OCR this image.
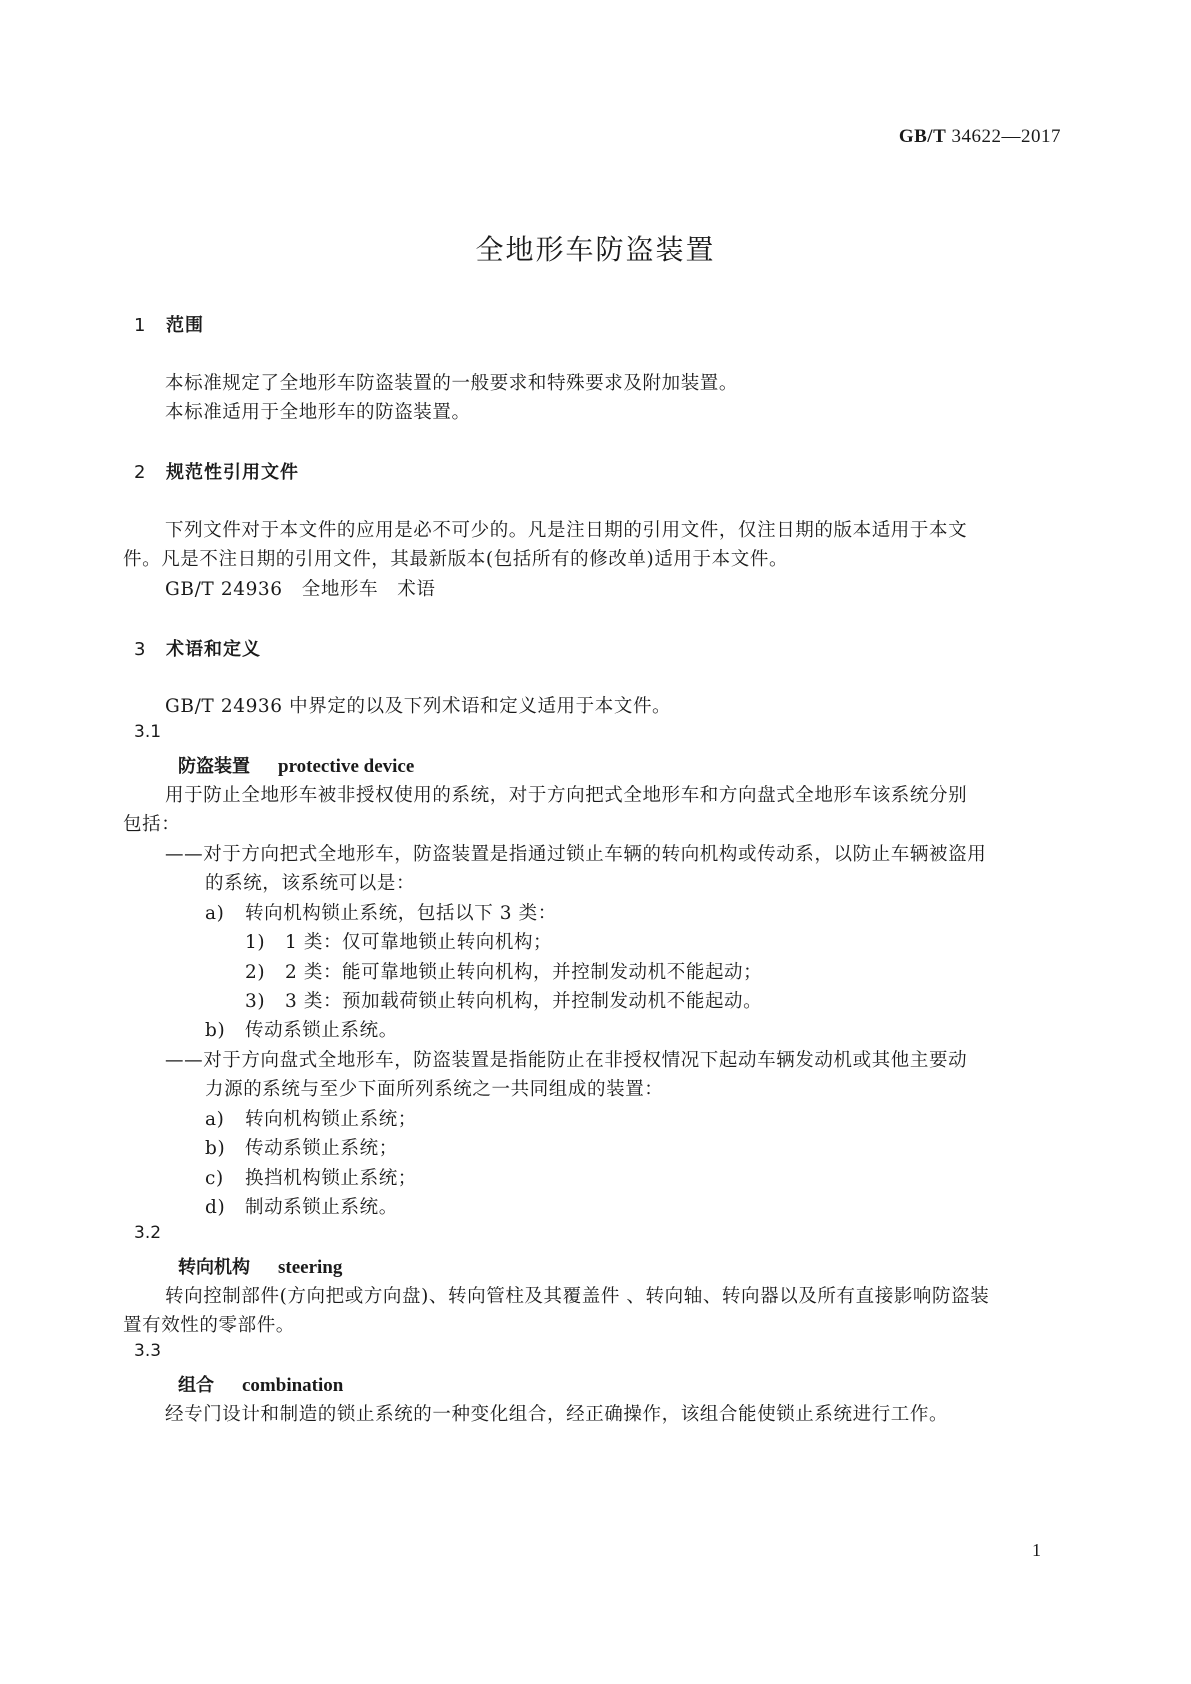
GB/T 34622—2017
全地形车防盗装置
1 范围
本标准规定了全地形车防盗装置的一般要求和特殊要求及附加装置。
本标准适用于全地形车的防盗装置。
2 规范性引用文件
下列文件对于本文件的应用是必不可少的。凡是注日期的引用文件，仅注日期的版本适用于本文
件。凡是不注日期的引用文件，其最新版本(包括所有的修改单)适用于本文件。
GB/T 24936　 全地形车　术语
3 术语和定义
GB/T 24936 中界定的以及下列术语和定义适用于本文件。
3.1
防盗装置 protective device
用于防止全地形车被非授权使用的系统，对于方向把式全地形车和方向盘式全地形车该系统分别
包括：
——对于方向把式全地形车，防盗装置是指通过锁止车辆的转向机构或传动系，以防止车辆被盗用
的系统，该系统可以是：
a) 转向机构锁止系统，包括以下 3 类：
1) 1 类：仅可靠地锁止转向机构；
2) 2 类：能可靠地锁止转向机构，并控制发动机不能起动；
3) 3 类：预加载荷锁止转向机构，并控制发动机不能起动。
b) 传动系锁止系统。
——对于方向盘式全地形车，防盗装置是指能防止在非授权情况下起动车辆发动机或其他主要动
力源的系统与至少下面所列系统之一共同组成的装置：
a) 转向机构锁止系统；
b) 传动系锁止系统；
c) 换挡机构锁止系统；
d) 制动系锁止系统。
3.2
转向机构 steering
转向控制部件(方向把或方向盘)、转向管柱及其覆盖件 、转向轴、转向器以及所有直接影响防盗装
置有效性的零部件。
3.3
组合 combination
经专门设计和制造的锁止系统的一种变化组合，经正确操作，该组合能使锁止系统进行工作。
1
